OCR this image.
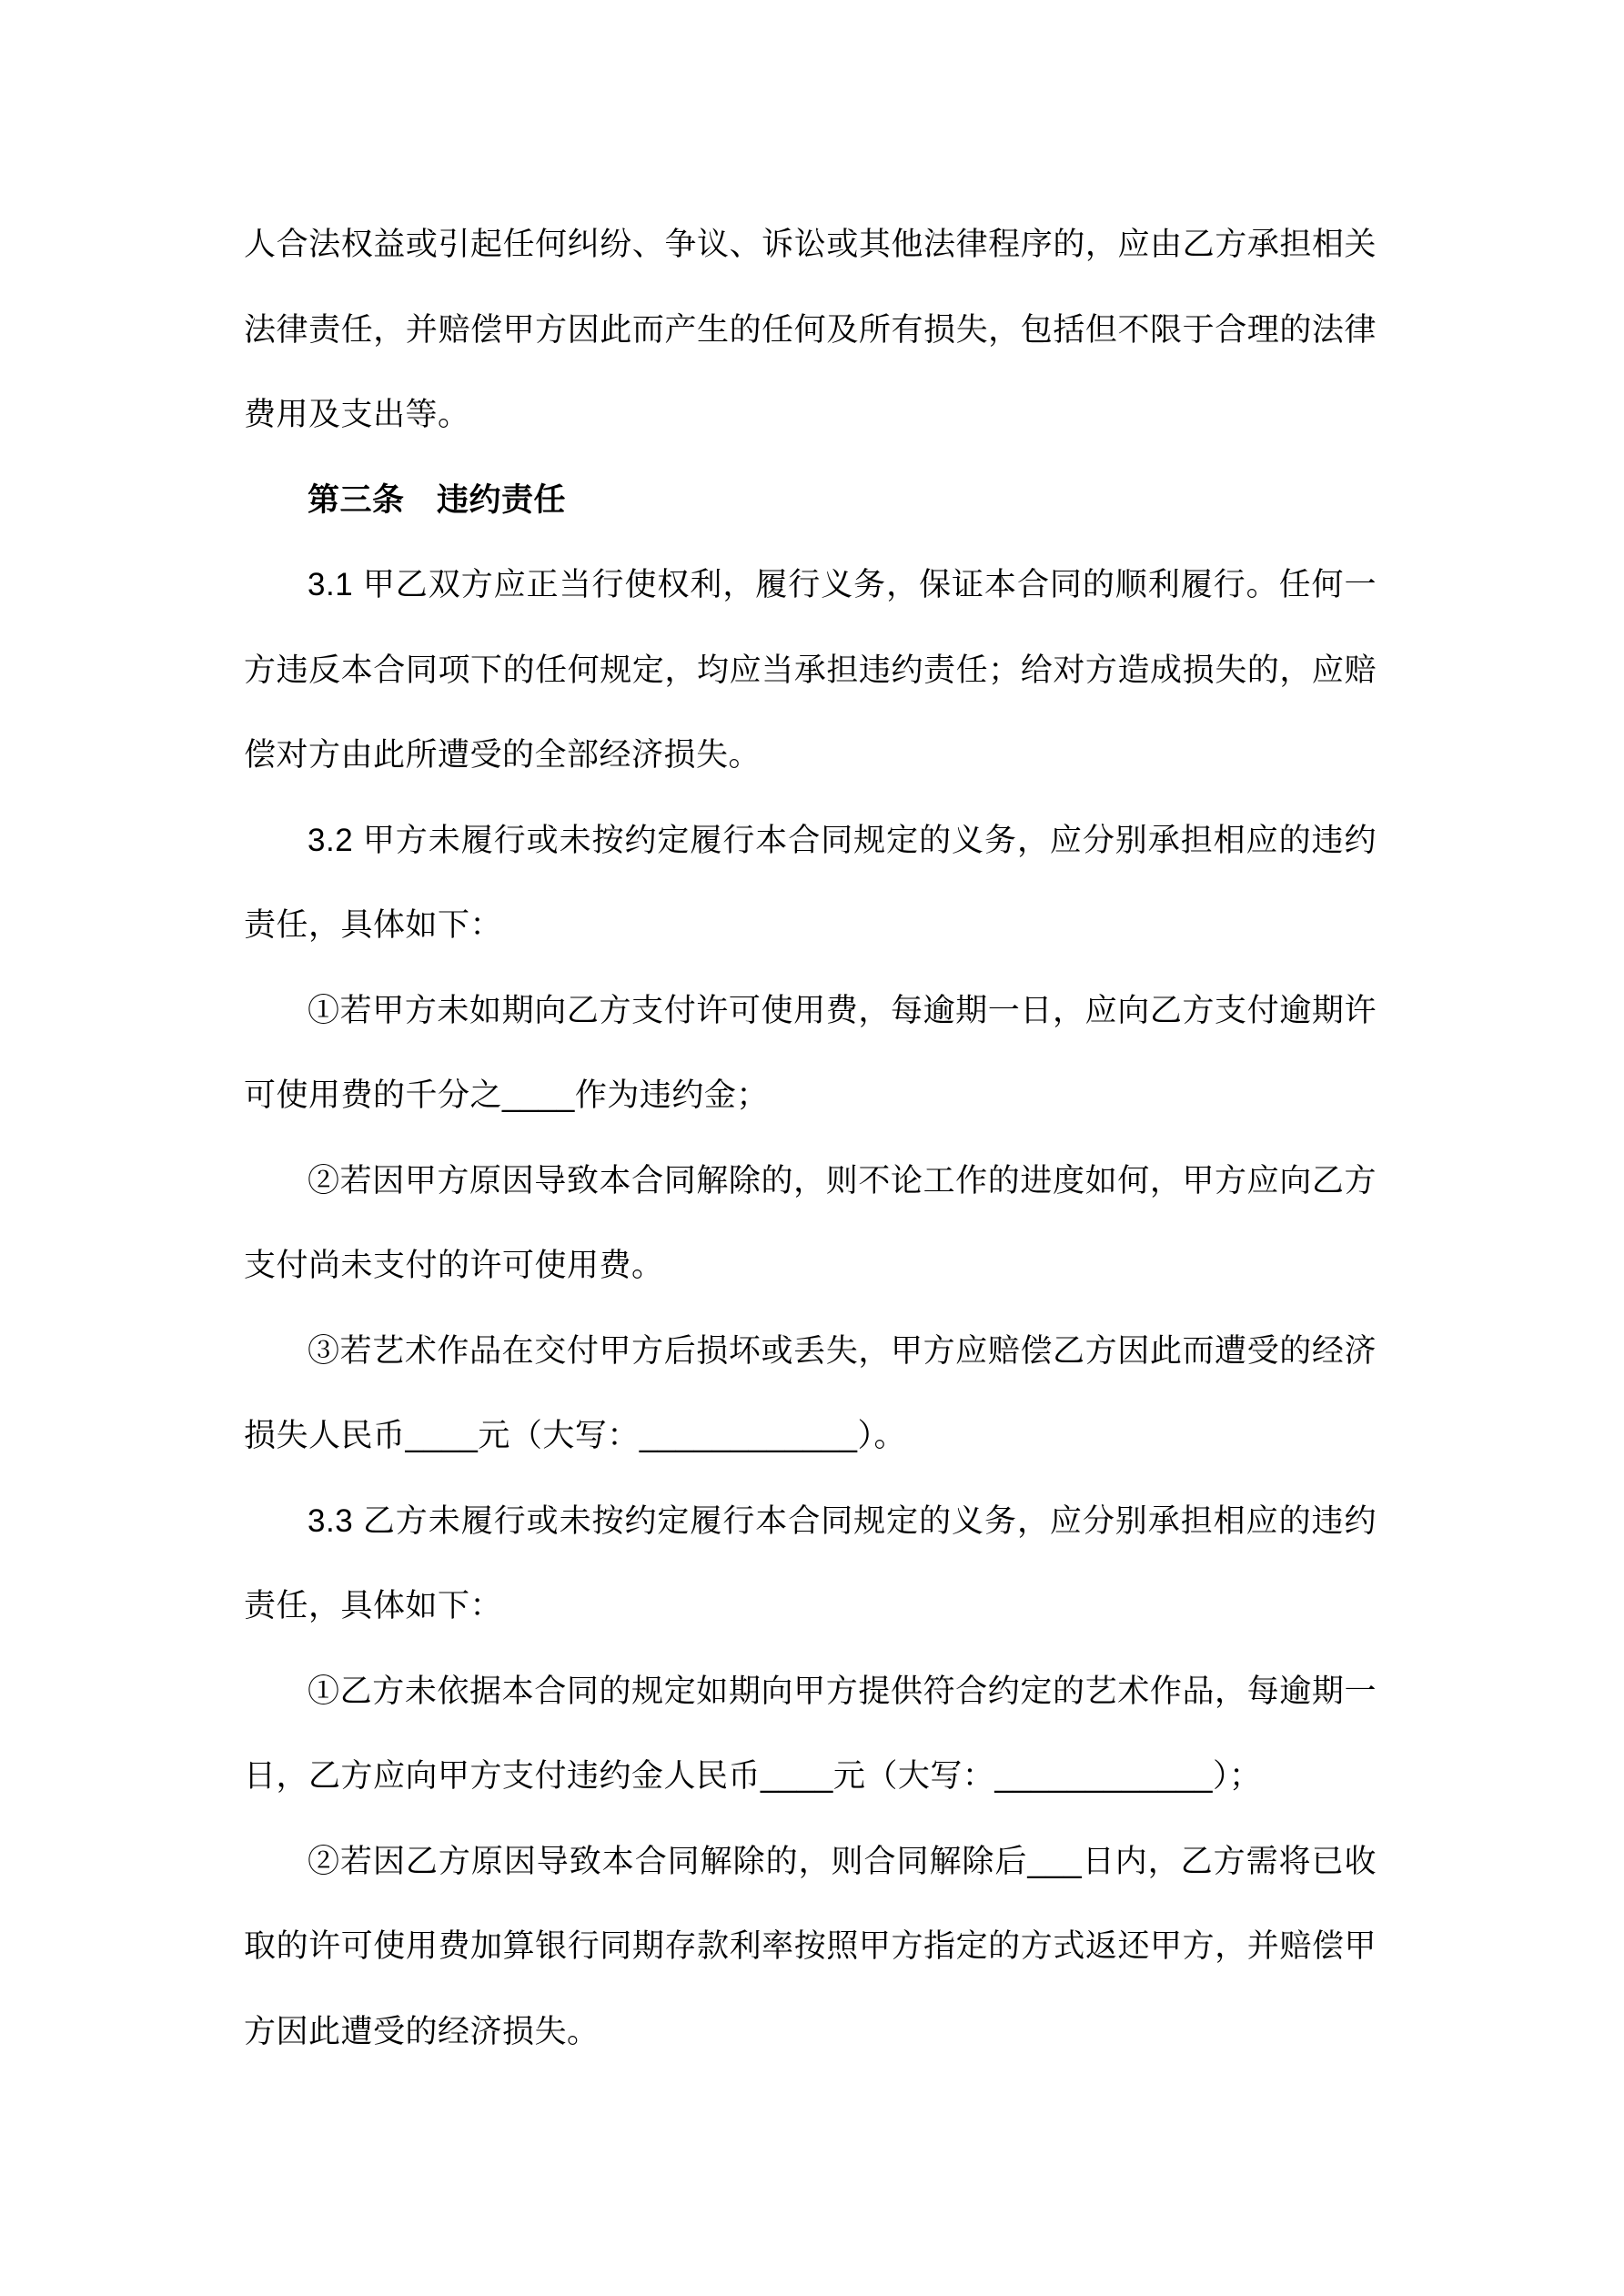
人合法权益或引起任何纠纷、争议、诉讼或其他法律程序的，应由乙方承担相关
法律责任，并赔偿甲方因此而产生的任何及所有损失，包括但不限于合理的法律
费用及支出等。
第三条　违约责任
3.1 甲乙双方应正当行使权利，履行义务，保证本合同的顺利履行。任何一
方违反本合同项下的任何规定，均应当承担违约责任；给对方造成损失的，应赔
偿对方由此所遭受的全部经济损失。
3.2 甲方未履行或未按约定履行本合同规定的义务，应分别承担相应的违约
责任，具体如下：
①若甲方未如期向乙方支付许可使用费，每逾期一日，应向乙方支付逾期许
可使用费的千分之____作为违约金；
②若因甲方原因导致本合同解除的，则不论工作的进度如何，甲方应向乙方
支付尚未支付的许可使用费。
③若艺术作品在交付甲方后损坏或丢失，甲方应赔偿乙方因此而遭受的经济
损失人民币____元（大写：____________）。
3.3 乙方未履行或未按约定履行本合同规定的义务，应分别承担相应的违约
责任，具体如下：
①乙方未依据本合同的规定如期向甲方提供符合约定的艺术作品，每逾期一
日，乙方应向甲方支付违约金人民币____元（大写：____________）；
②若因乙方原因导致本合同解除的，则合同解除后___日内，乙方需将已收
取的许可使用费加算银行同期存款利率按照甲方指定的方式返还甲方，并赔偿甲
方因此遭受的经济损失。
